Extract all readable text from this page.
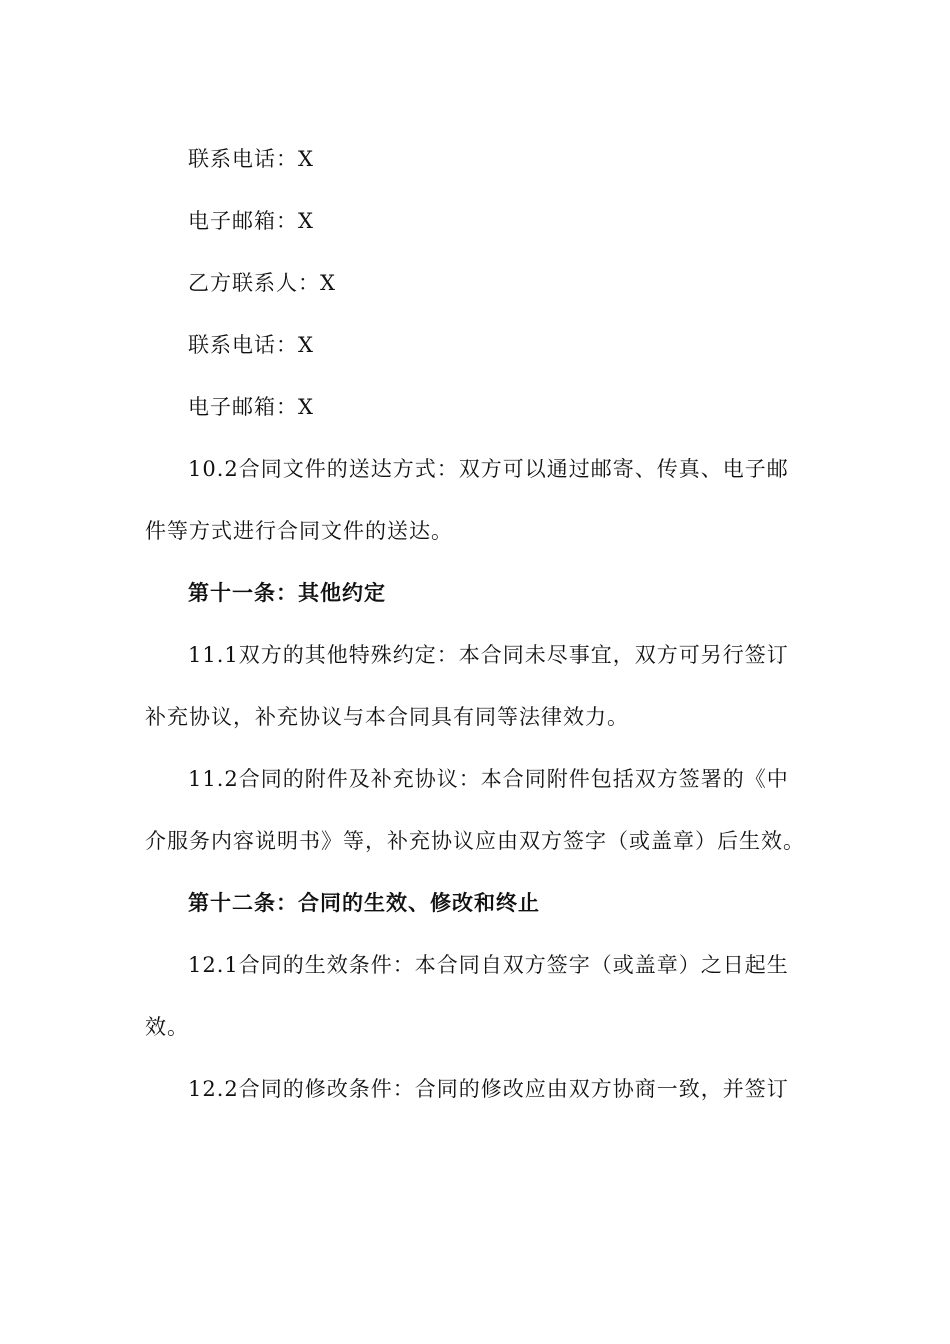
联系电话：X

电子邮箱：X

乙方联系人：X

联系电话：X

电子邮箱：X

10.2合同文件的送达方式：双方可以通过邮寄、传真、电子邮件等方式进行合同文件的送达。

第十一条：其他约定

11.1双方的其他特殊约定：本合同未尽事宜，双方可另行签订补充协议，补充协议与本合同具有同等法律效力。

11.2合同的附件及补充协议：本合同附件包括双方签署的《中介服务内容说明书》等，补充协议应由双方签字（或盖章）后生效。

第十二条：合同的生效、修改和终止

12.1合同的生效条件：本合同自双方签字（或盖章）之日起生效。

12.2合同的修改条件：合同的修改应由双方协商一致，并签订
